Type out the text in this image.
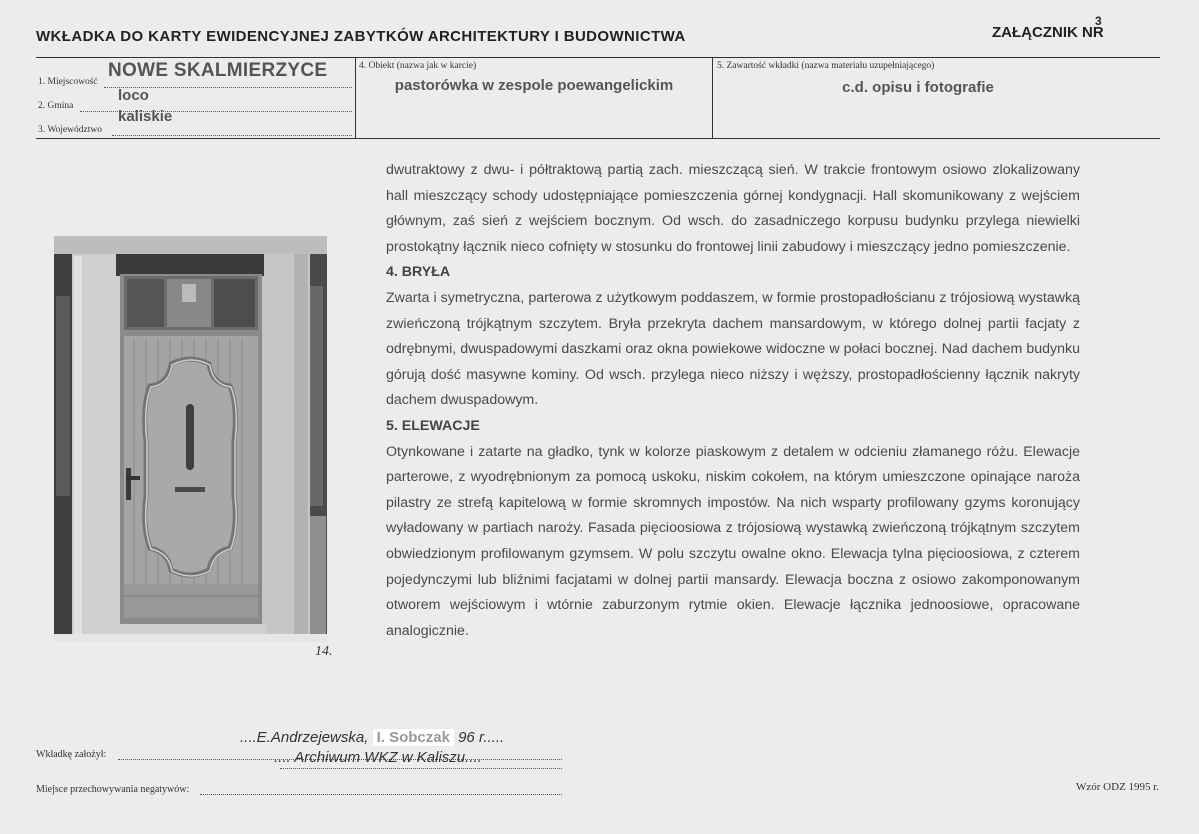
WKŁADKA DO KARTY EWIDENCYJNEJ ZABYTKÓW ARCHITEKTURY I BUDOWNICTWA	ZAŁĄCZNIK NR
3
1. Miejscowość
NOWE SKALMIERZYCE
2. Gmina
loco
3. Województwo
kaliskie
4. Obiekt (nazwa jak w karcie)
pastorówka w zespole poewangelickim
5. Zawartość wkładki (nazwa materiału uzupełniającego)
c.d. opisu i fotografie

dwutraktowy z dwu- i półtraktową partią zach. mieszczącą sień. W trakcie frontowym osiowo zlokalizowany hall mieszczący schody udostępniające pomieszczenia górnej kondygnacji. Hall skomunikowany z wejściem głównym, zaś sień z wejściem bocznym. Od wsch. do zasadniczego korpusu budynku przylega niewielki prostokątny łącznik nieco cofnięty w stosunku do frontowej linii zabudowy i mieszczący jedno pomieszczenie.

4. BRYŁA

Zwarta i symetryczna, parterowa z użytkowym poddaszem, w formie prostopadłościanu z trójosiową wystawką zwieńczoną trójkątnym szczytem. Bryła przekryta dachem mansardowym, w którego dolnej partii facjaty z odrębnymi, dwuspadowymi daszkami oraz okna powiekowe widoczne w połaci bocznej. Nad dachem budynku górują dość masywne kominy. Od wsch. przylega nieco niższy i węższy, prostopadłościenny łącznik nakryty dachem dwuspadowym.

5. ELEWACJE

Otynkowane i zatarte na gładko, tynk w kolorze piaskowym z detalem w odcieniu złamanego różu. Elewacje parterowe, z wyodrębnionym za pomocą uskoku, niskim cokołem, na którym umieszczone opinające naroża pilastry ze strefą kapitelową w formie skromnych impostów. Na nich wsparty profilowany gzyms koronujący wyładowany w partiach naroży. Fasada pięcioosiowa z trójosiową wystawką zwieńczoną trójkątnym szczytem obwiedzionym profilowanym gzymsem. W polu szczytu owalne okno. Elewacja tylna pięcioosiowa, z czterem pojedynczymi lub bliźnimi facjatami w dolnej partii mansardy. Elewacja boczna z osiowo zakomponowanym otworem wejściowym i wtórnie zaburzonym rytmie okien. Elewacje łącznika jednoosiowe, opracowane analogicznie.

14.
Wkładkę założył:
....E.Andrzejewska, I. Sobczak 96 r.....
.... Archiwum WKZ w Kaliszu....
Miejsce przechowywania negatywów:	Wzór ODZ 1995 r.
